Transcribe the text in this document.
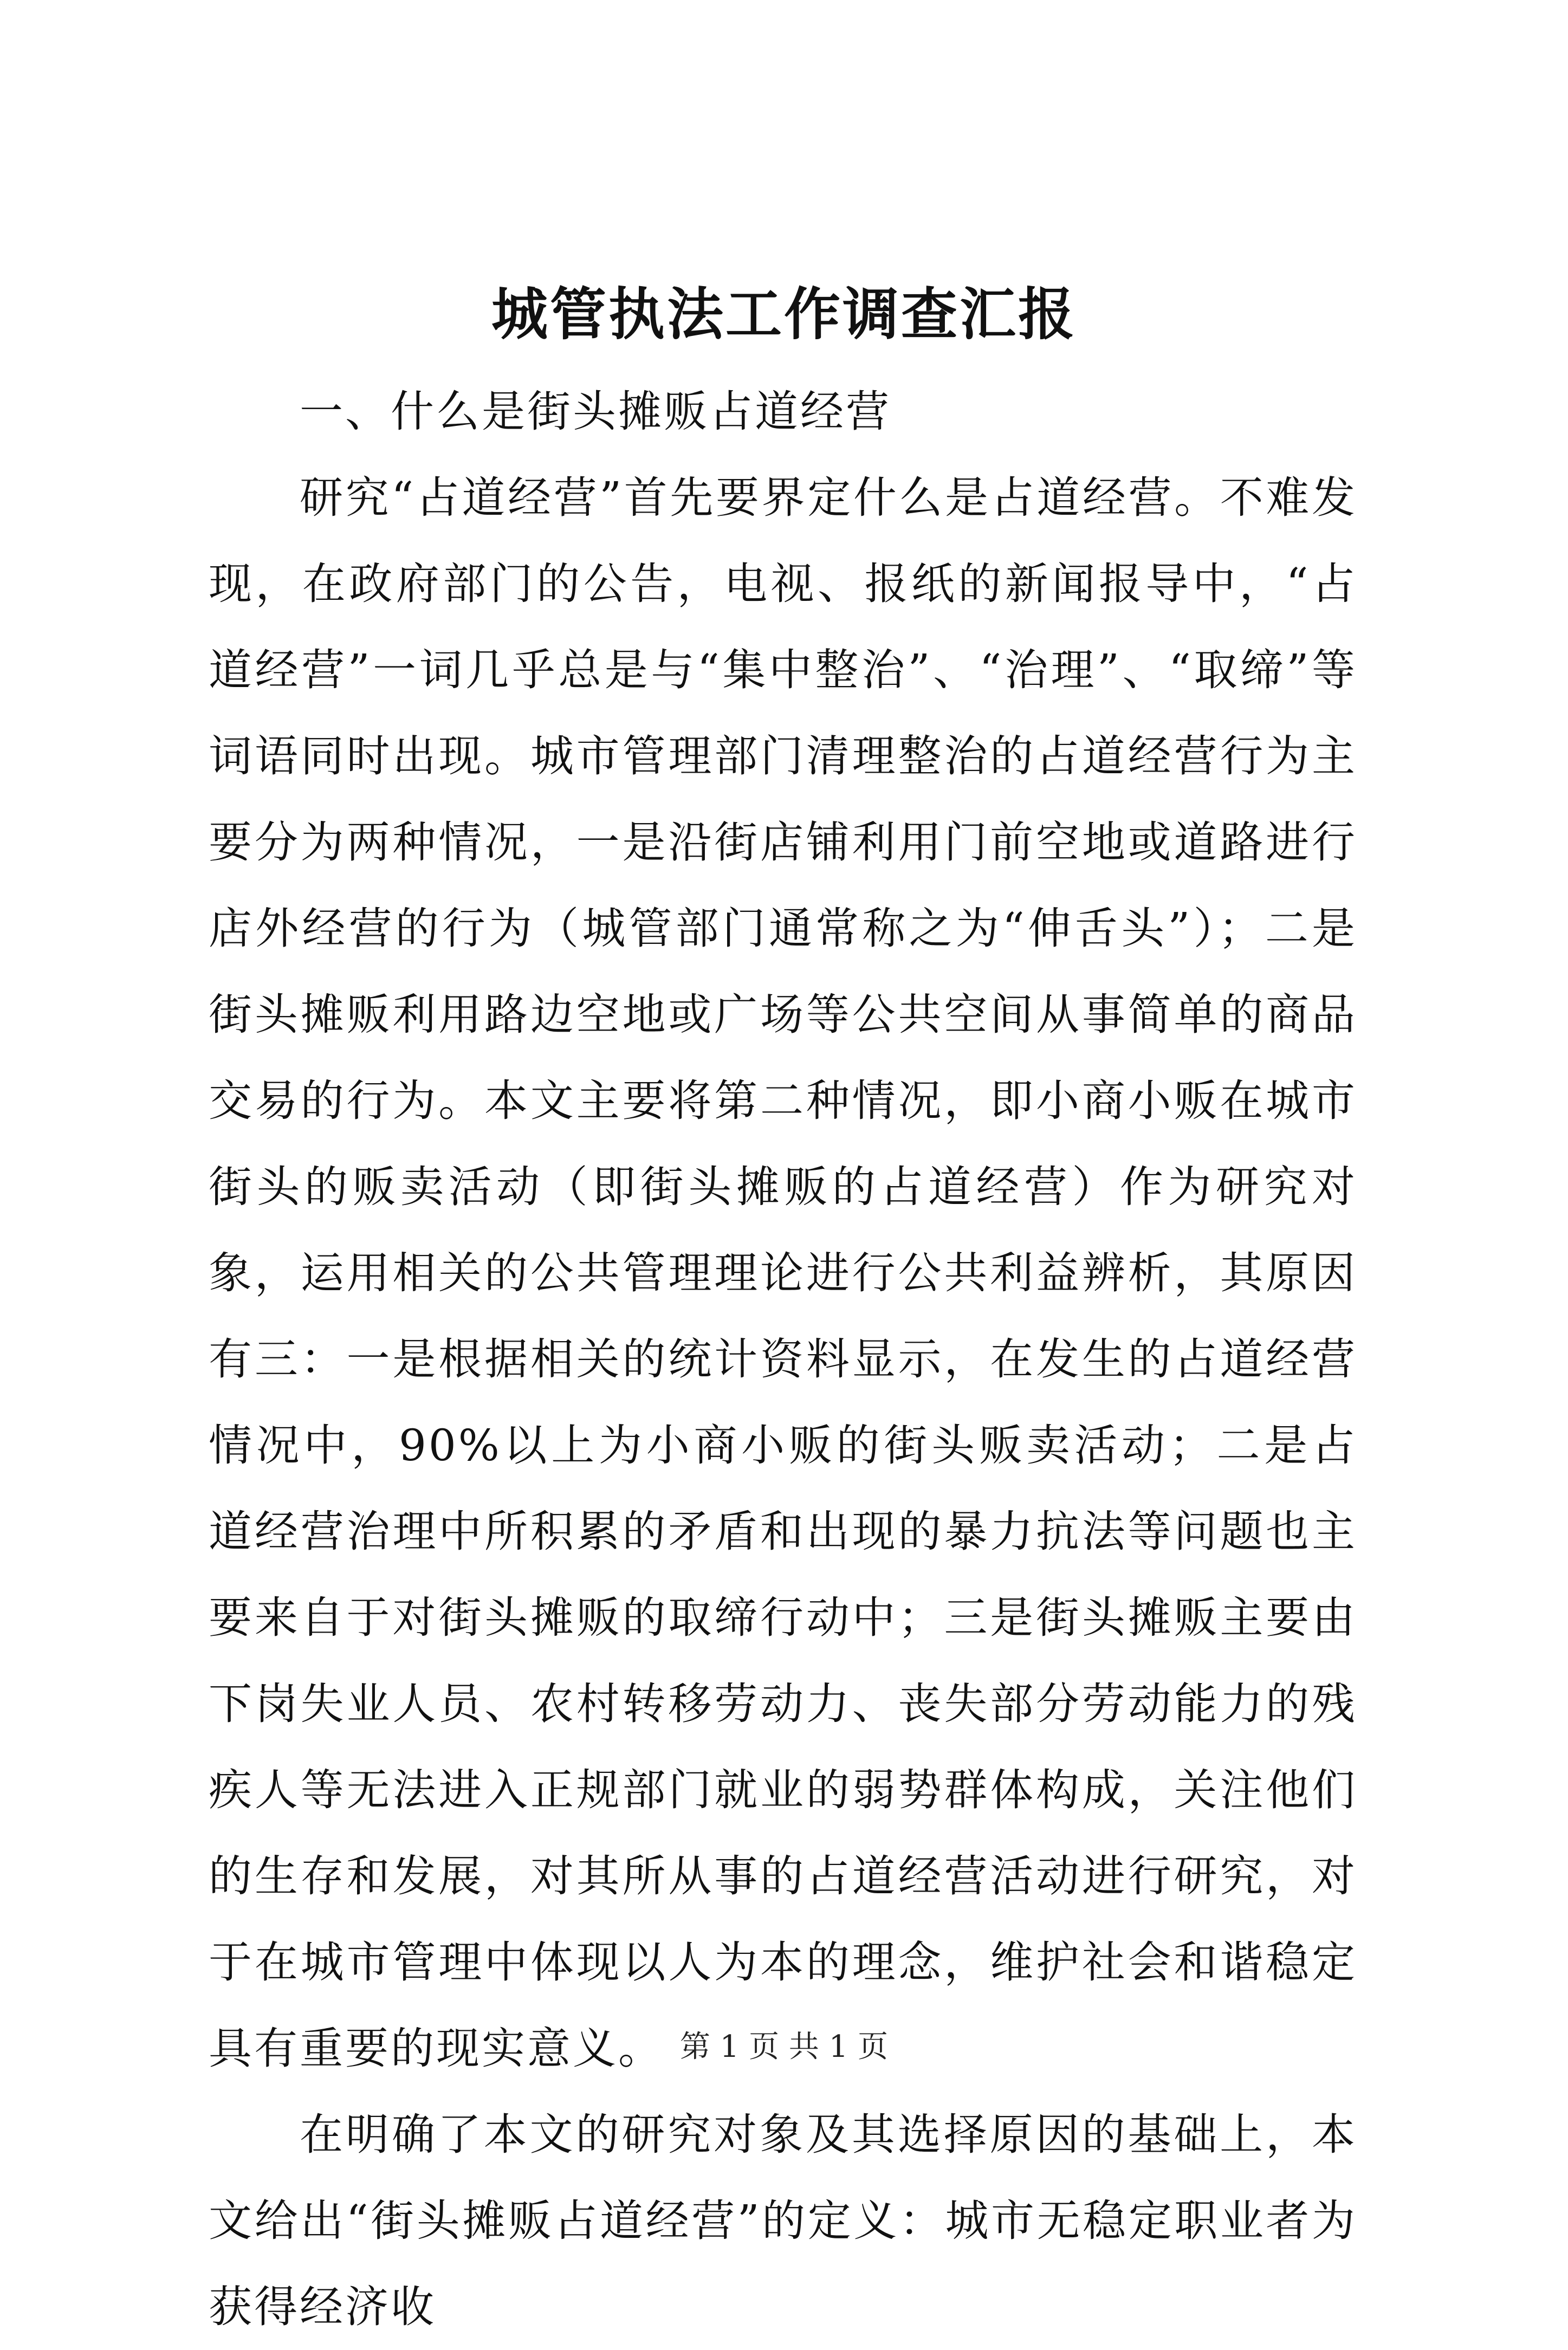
城管执法工作调查汇报

一、什么是街头摊贩占道经营

研究“占道经营”首先要界定什么是占道经营。不难发现，在政府部门的公告，电视、报纸的新闻报导中，“占道经营”一词几乎总是与“集中整治”、“治理”、“取缔”等词语同时出现。城市管理部门清理整治的占道经营行为主要分为两种情况，一是沿街店铺利用门前空地或道路进行店外经营的行为（城管部门通常称之为“伸舌头”）；二是街头摊贩利用路边空地或广场等公共空间从事简单的商品交易的行为。本文主要将第二种情况，即小商小贩在城市街头的贩卖活动（即街头摊贩的占道经营）作为研究对象，运用相关的公共管理理论进行公共利益辨析，其原因有三：一是根据相关的统计资料显示，在发生的占道经营情况中，90%以上为小商小贩的街头贩卖活动；二是占道经营治理中所积累的矛盾和出现的暴力抗法等问题也主要来自于对街头摊贩的取缔行动中；三是街头摊贩主要由下岗失业人员、农村转移劳动力、丧失部分劳动能力的残疾人等无法进入正规部门就业的弱势群体构成，关注他们的生存和发展，对其所从事的占道经营活动进行研究，对于在城市管理中体现以人为本的理念，维护社会和谐稳定具有重要的现实意义。

在明确了本文的研究对象及其选择原因的基础上，本文给出“街头摊贩占道经营”的定义：城市无稳定职业者为获得经济收

第 1 页 共 1 页
